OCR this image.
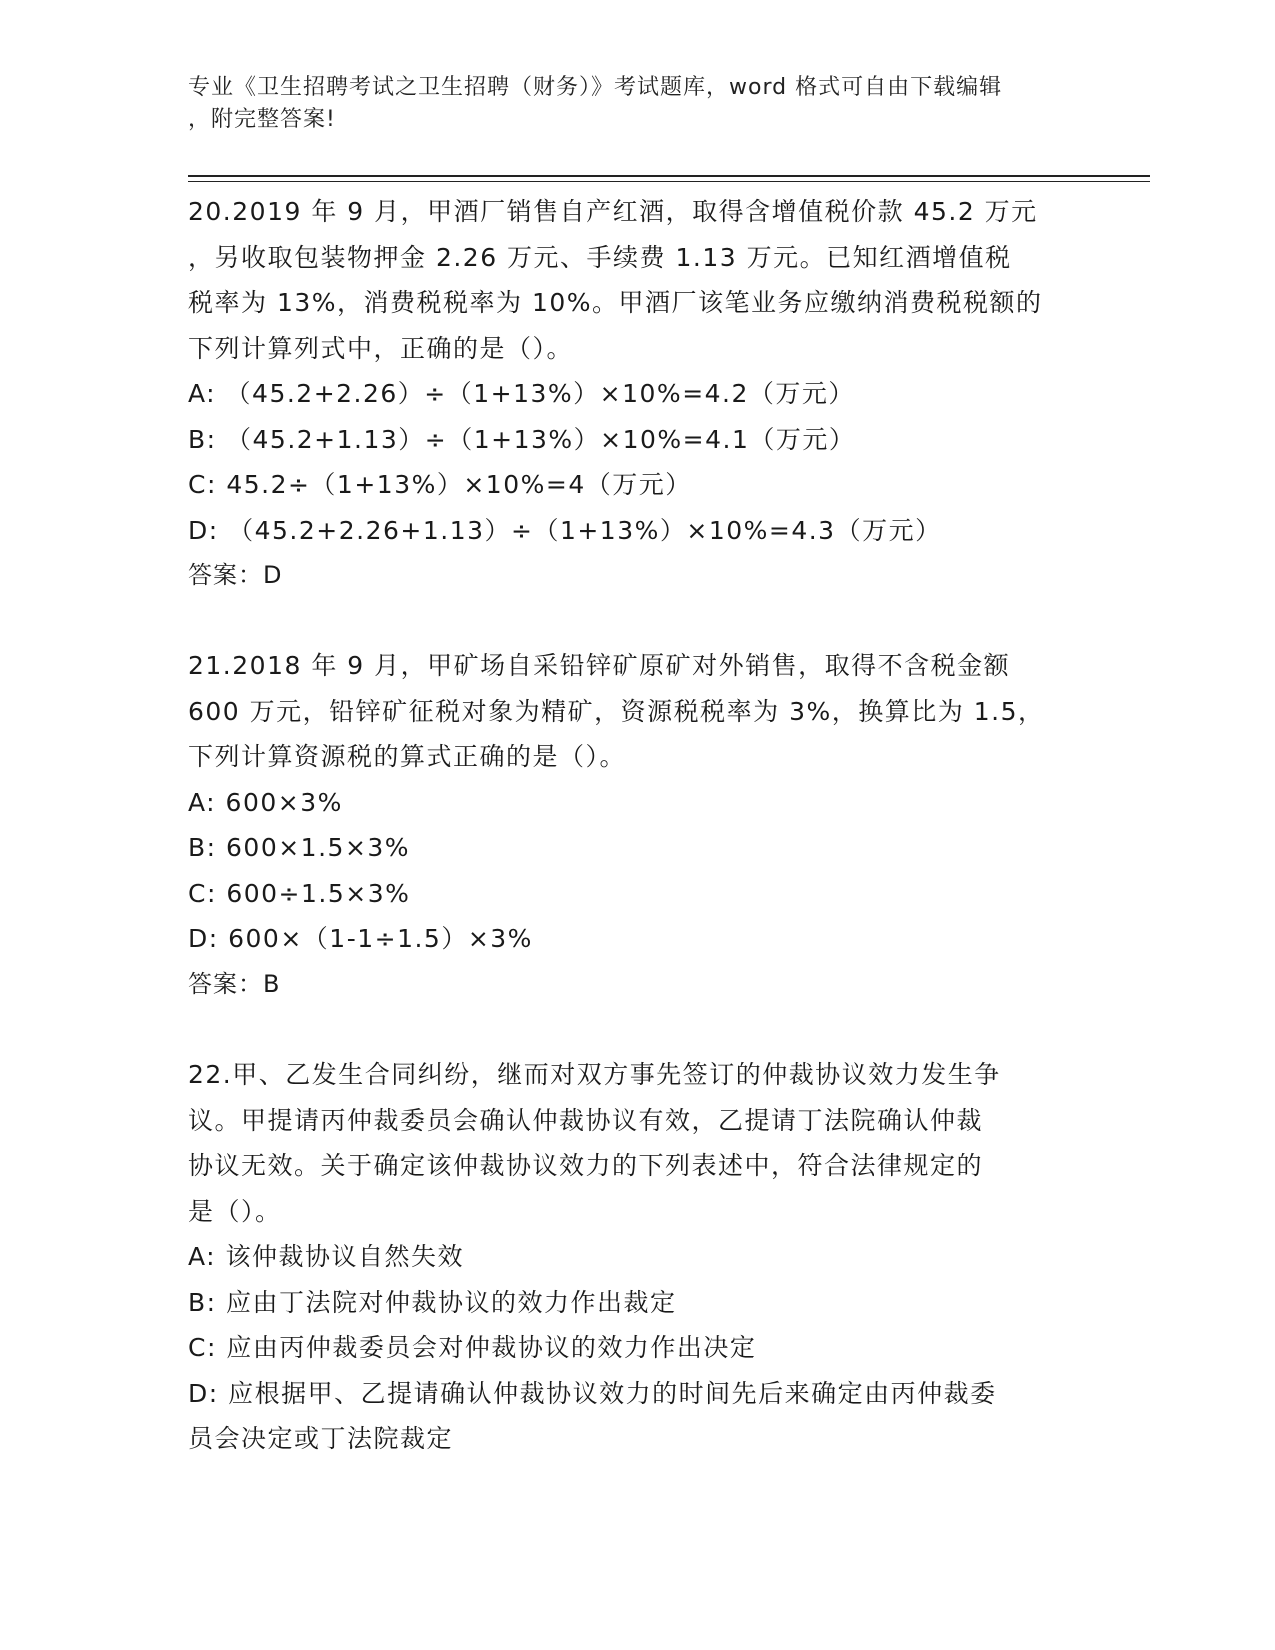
专业《卫生招聘考试之卫生招聘（财务）》考试题库，word 格式可自由下载编辑
，附完整答案!

20.2019 年 9 月，甲酒厂销售自产红酒，取得含增值税价款 45.2 万元

，另收取包装物押金 2.26 万元、手续费 1.13 万元。已知红酒增值税

税率为 13%，消费税税率为 10%。甲酒厂该笔业务应缴纳消费税税额的

下列计算列式中，正确的是（）。

A: （45.2+2.26）÷（1+13%）×10%=4.2（万元）

B: （45.2+1.13）÷（1+13%）×10%=4.1（万元）

C: 45.2÷（1+13%）×10%=4（万元）

D: （45.2+2.26+1.13）÷（1+13%）×10%=4.3（万元）

答案：D

21.2018 年 9 月，甲矿场自采铅锌矿原矿对外销售，取得不含税金额

600 万元，铅锌矿征税对象为精矿，资源税税率为 3%，换算比为 1.5，

下列计算资源税的算式正确的是（）。

A: 600×3%

B: 600×1.5×3%

C: 600÷1.5×3%

D: 600×（1-1÷1.5）×3%

答案：B

22.甲、乙发生合同纠纷，继而对双方事先签订的仲裁协议效力发生争

议。甲提请丙仲裁委员会确认仲裁协议有效，乙提请丁法院确认仲裁

协议无效。关于确定该仲裁协议效力的下列表述中，符合法律规定的

是（）。

A: 该仲裁协议自然失效

B: 应由丁法院对仲裁协议的效力作出裁定

C: 应由丙仲裁委员会对仲裁协议的效力作出决定

D: 应根据甲、乙提请确认仲裁协议效力的时间先后来确定由丙仲裁委

员会决定或丁法院裁定
